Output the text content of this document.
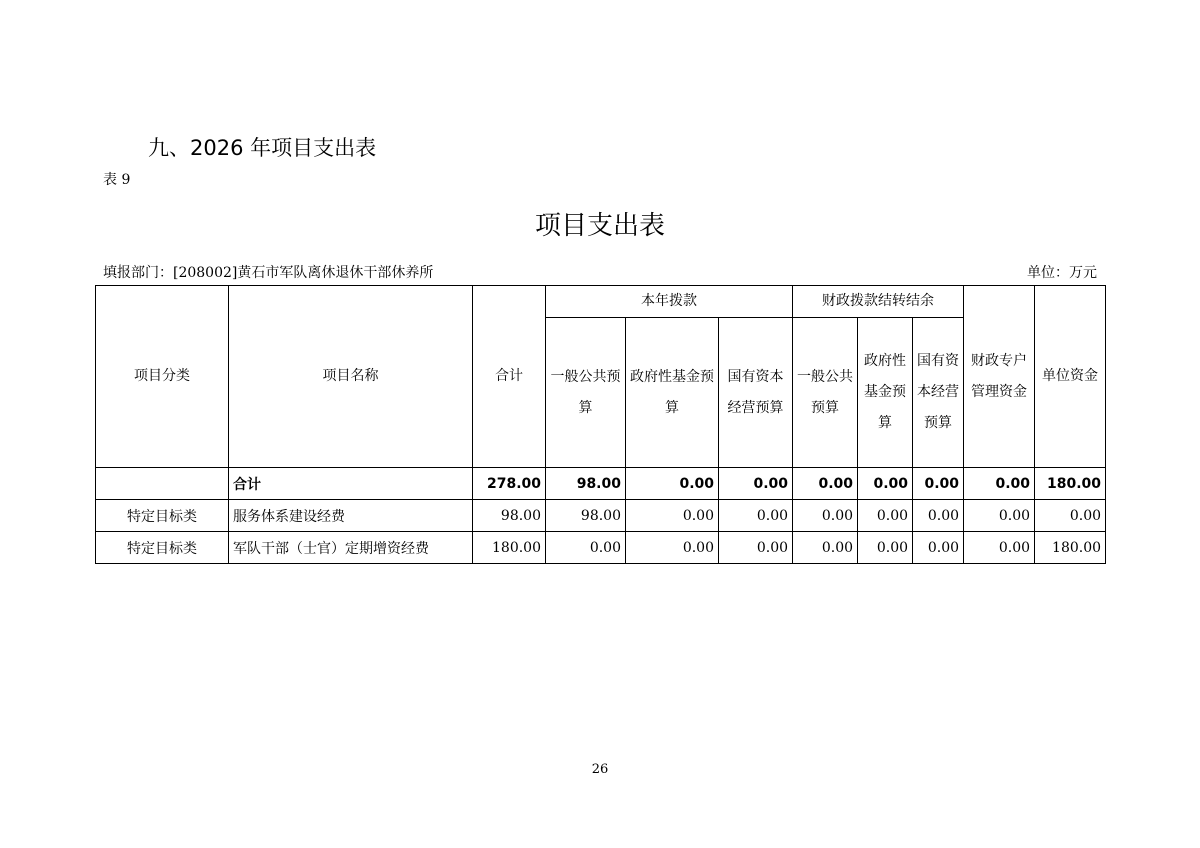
九、2026 年项目支出表
表 9
项目支出表
填报部门：[208002]黄石市军队离休退休干部休养所	单位：万元
项目分类	项目名称	合计	本年拨款			财政拨款结转结余			财政专户管理资金	单位资金
			一般公共预算	政府性基金预算	国有资本经营预算	一般公共预算	政府性基金预算	国有资本经营预算		
	合计	278.00	98.00	0.00	0.00	0.00	0.00	0.00	0.00	180.00
特定目标类	服务体系建设经费	98.00	98.00	0.00	0.00	0.00	0.00	0.00	0.00	0.00
特定目标类	军队干部（士官）定期增资经费	180.00	0.00	0.00	0.00	0.00	0.00	0.00	0.00	180.00
26
